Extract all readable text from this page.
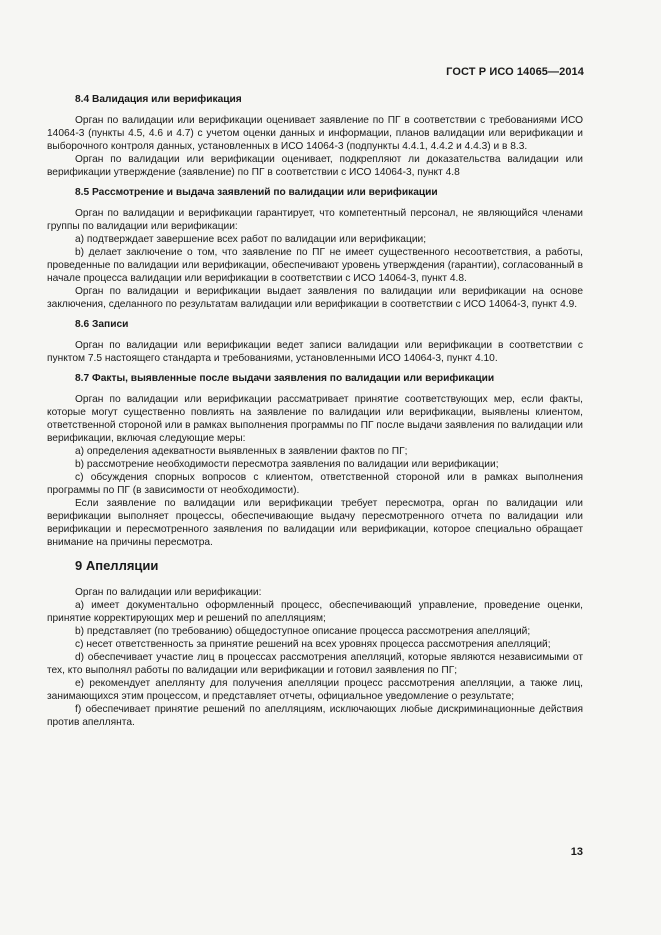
ГОСТ Р ИСО 14065—2014
8.4 Валидация или верификация

Орган по валидации или верификации оценивает заявление по ПГ в соответствии с требованиями ИСО 14064-3 (пункты 4.5, 4.6 и 4.7) с учетом оценки данных и информации, планов валидации или верификации и выборочного контроля данных, установленных в ИСО 14064-3 (подпункты 4.4.1, 4.4.2 и 4.4.3) и в 8.3.

Орган по валидации или верификации оценивает, подкрепляют ли доказательства валидации или верификации утверждение (заявление) по ПГ в соответствии с ИСО 14064-3, пункт 4.8

8.5 Рассмотрение и выдача заявлений по валидации или верификации

Орган по валидации и верификации гарантирует, что компетентный персонал, не являющийся членами группы по валидации или верификации:

a) подтверждает завершение всех работ по валидации или верификации;

b) делает заключение о том, что заявление по ПГ не имеет существенного несоответствия, а работы, проведенные по валидации или верификации, обеспечивают уровень утверждения (гарантии), согласованный в начале процесса валидации или верификации в соответствии с ИСО 14064-3, пункт 4.8.

Орган по валидации и верификации выдает заявления по валидации или верификации на основе заключения, сделанного по результатам валидации или верификации в соответствии с ИСО 14064-3, пункт 4.9.

8.6 Записи

Орган по валидации или верификации ведет записи валидации или верификации в соответствии с пунктом 7.5 настоящего стандарта и требованиями, установленными ИСО 14064-3, пункт 4.10.

8.7 Факты, выявленные после выдачи заявления по валидации или верификации

Орган по валидации или верификации рассматривает принятие соответствующих мер, если факты, которые могут существенно повлиять на заявление по валидации или верификации, выявлены клиентом, ответственной стороной или в рамках выполнения программы по ПГ после выдачи заявления по валидации или верификации, включая следующие меры:

a) определения адекватности выявленных в заявлении фактов по ПГ;

b) рассмотрение необходимости пересмотра заявления по валидации или верификации;

c) обсуждения спорных вопросов с клиентом, ответственной стороной или в рамках выполнения программы по ПГ (в зависимости от необходимости).

Если заявление по валидации или верификации требует пересмотра, орган по валидации или верификации выполняет процессы, обеспечивающие выдачу пересмотренного отчета по валидации или верификации и пересмотренного заявления по валидации или верификации, которое специально обращает внимание на причины пересмотра.

9 Апелляции

Орган по валидации или верификации:

a) имеет документально оформленный процесс, обеспечивающий управление, проведение оценки, принятие корректирующих мер и решений по апелляциям;

b) представляет (по требованию) общедоступное описание процесса рассмотрения апелляций;

c) несет ответственность за принятие решений на всех уровнях процесса рассмотрения апелляций;

d) обеспечивает участие лиц в процессах рассмотрения апелляций, которые являются независимыми от тех, кто выполнял работы по валидации или верификации и готовил заявления по ПГ;

e) рекомендует апеллянту для получения апелляции процесс рассмотрения апелляции, а также лиц, занимающихся этим процессом, и представляет отчеты, официальное уведомление о результате;

f) обеспечивает принятие решений по апелляциям, исключающих любые дискриминационные действия против апеллянта.

13
